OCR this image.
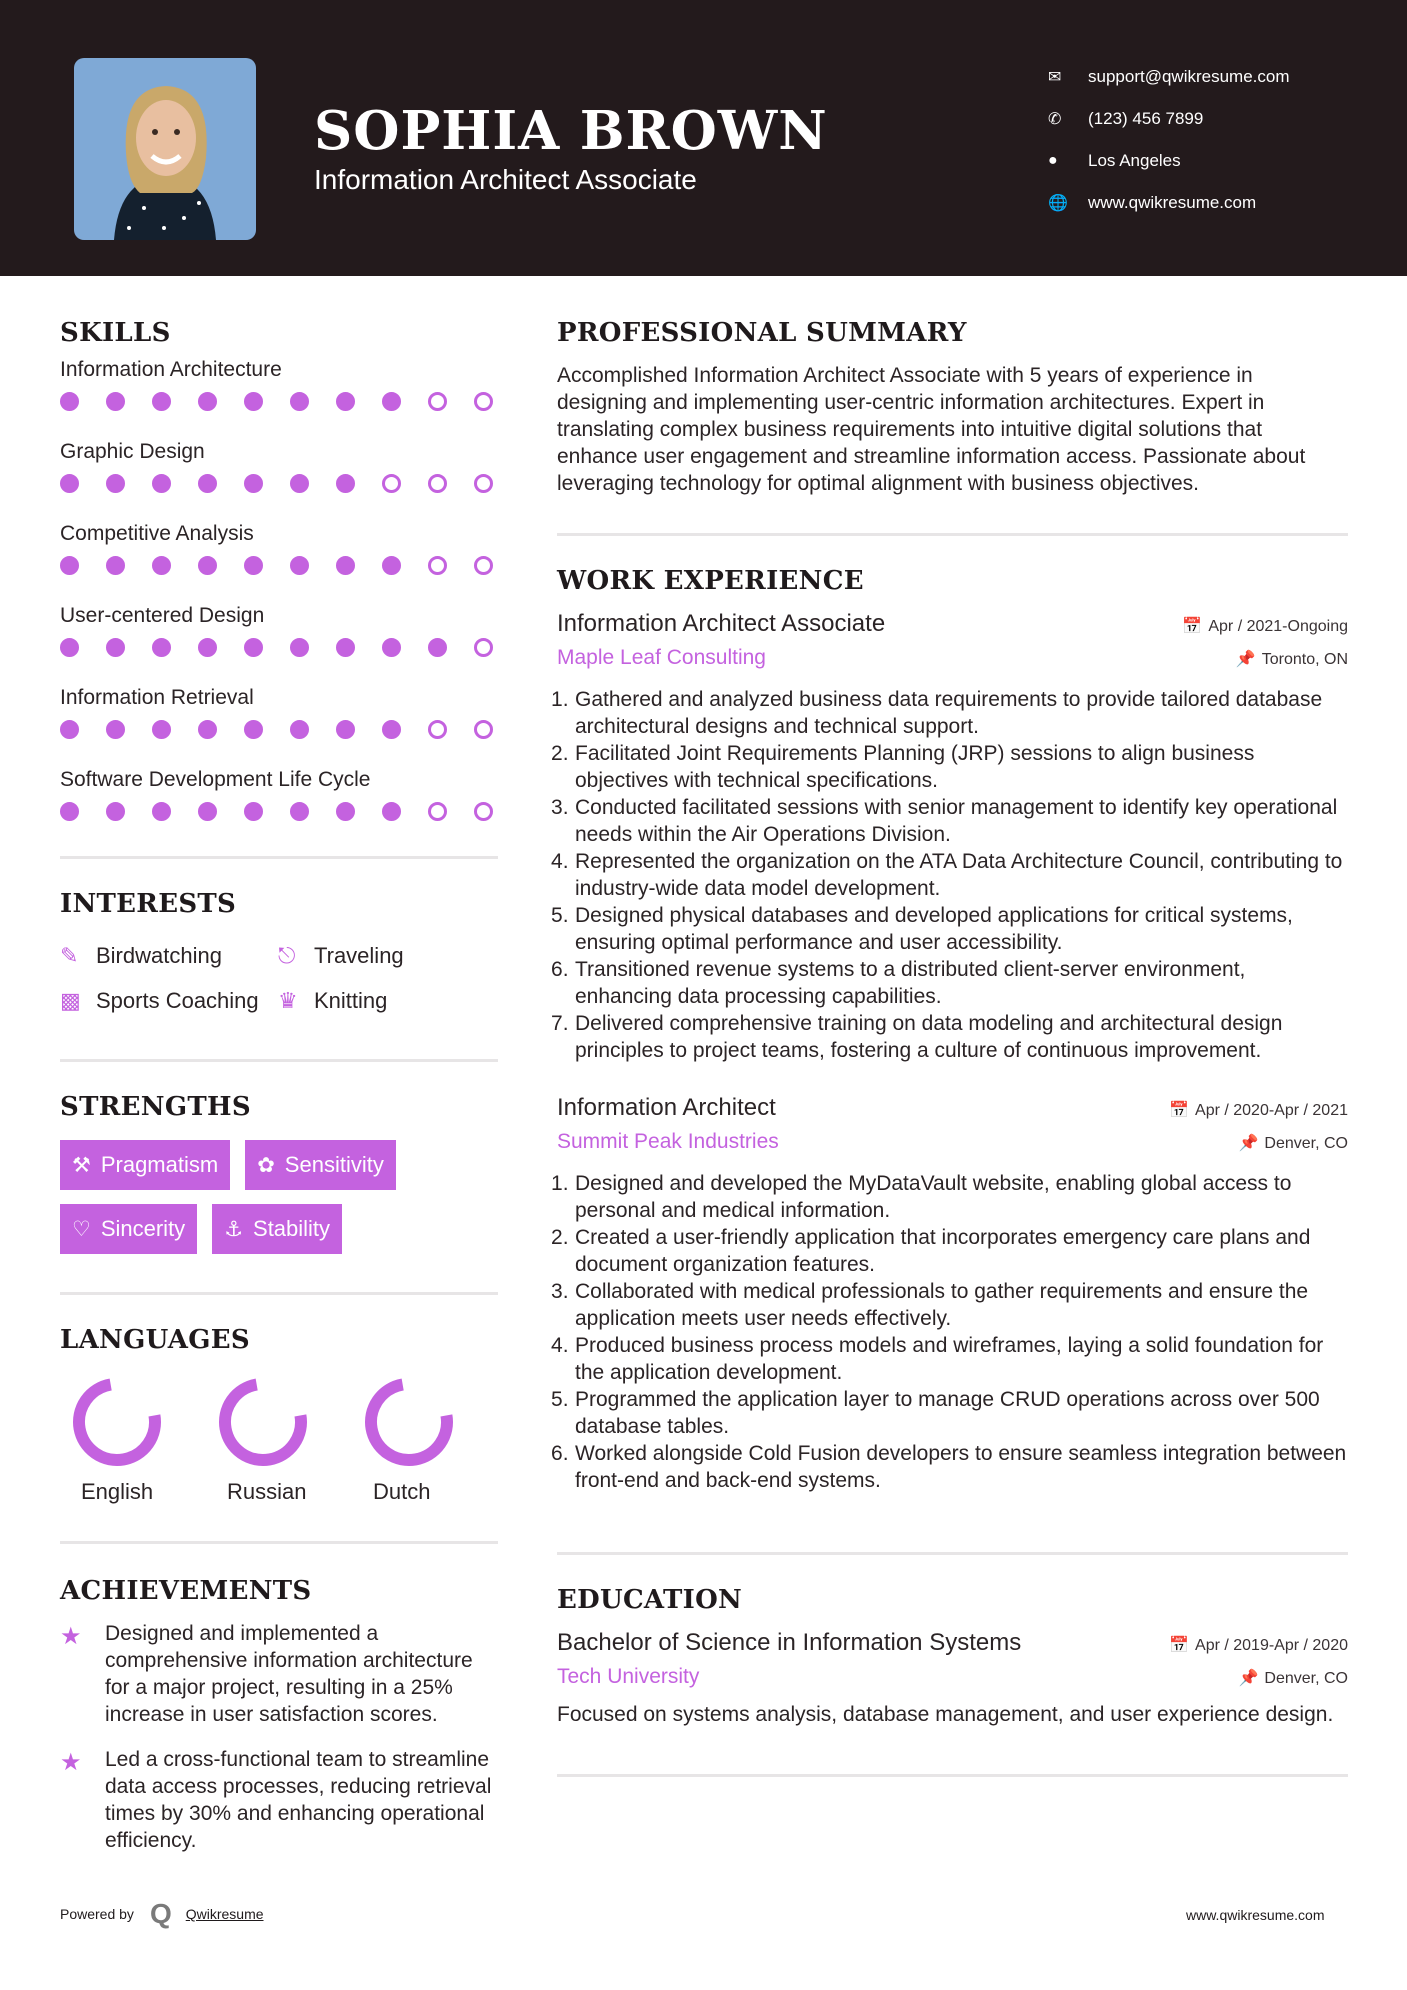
SOPHIA BROWN
Information Architect Associate
✉	support@qwikresume.com
✆	(123) 456 7899
●	Los Angeles
🌐	www.qwikresume.com
SKILLS
Information Architecture
Graphic Design
Competitive Analysis
User-centered Design
Information Retrieval
Software Development Life Cycle
INTERESTS
✎ Birdwatching	⎋ Traveling
▩ Sports Coaching ♛ Knitting
STRENGTHS
⚒ Pragmatism ✿ Sensitivity
♡ Sincerity ⚓ Stability
LANGUAGES
English	Russian	Dutch
ACHIEVEMENTS
★	Designed and implemented a comprehensive information architecture for a major project, resulting in a 25% increase in user satisfaction scores.
★	Led a cross-functional team to streamline data access processes, reducing retrieval times by 30% and enhancing operational efficiency.
PROFESSIONAL SUMMARY
Accomplished Information Architect Associate with 5 years of experience in designing and implementing user-centric information architectures. Expert in translating complex business requirements into intuitive digital solutions that enhance user engagement and streamline information access. Passionate about leveraging technology for optimal alignment with business objectives.
WORK EXPERIENCE
Information Architect Associate	📅 Apr / 2021-Ongoing
Maple Leaf Consulting	📌 Toronto, ON
Gathered and analyzed business data requirements to provide tailored database architectural designs and technical support.
Facilitated Joint Requirements Planning (JRP) sessions to align business objectives with technical specifications.
Conducted facilitated sessions with senior management to identify key operational needs within the Air Operations Division.
Represented the organization on the ATA Data Architecture Council, contributing to industry-wide data model development.
Designed physical databases and developed applications for critical systems, ensuring optimal performance and user accessibility.
Transitioned revenue systems to a distributed client-server environment, enhancing data processing capabilities.
Delivered comprehensive training on data modeling and architectural design principles to project teams, fostering a culture of continuous improvement.
Information Architect	📅 Apr / 2020-Apr / 2021
Summit Peak Industries	📌 Denver, CO
Designed and developed the MyDataVault website, enabling global access to personal and medical information.
Created a user-friendly application that incorporates emergency care plans and document organization features.
Collaborated with medical professionals to gather requirements and ensure the application meets user needs effectively.
Produced business process models and wireframes, laying a solid foundation for the application development.
Programmed the application layer to manage CRUD operations across over 500 database tables.
Worked alongside Cold Fusion developers to ensure seamless integration between front-end and back-end systems.
EDUCATION
Bachelor of Science in Information Systems	📅 Apr / 2019-Apr / 2020
Tech University	📌 Denver, CO
Focused on systems analysis, database management, and user experience design.
Powered by Q Qwikresume	www.qwikresume.com
